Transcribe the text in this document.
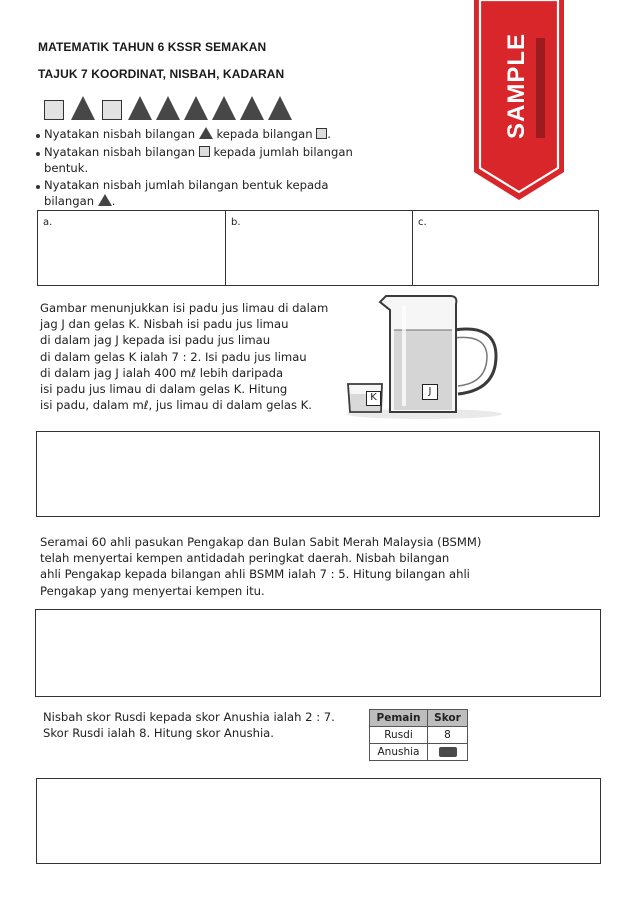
MATEMATIK TAHUN 6 KSSR SEMAKAN
TAJUK 7 KOORDINAT, NISBAH, KADARAN	SAMPLE
Nyatakan nisbah bilangan kepada bilangan .
Nyatakan nisbah bilangan kepada jumlah bilangan
bentuk.
Nyatakan nisbah jumlah bilangan bentuk kepada
bilangan .
a.	b.	c.
Gambar menunjukkan isi padu jus limau di dalam
jag J dan gelas K. Nisbah isi padu jus limau
di dalam jag J kepada isi padu jus limau
di dalam gelas K ialah 7 : 2. Isi padu jus limau
di dalam jag J ialah 400 mℓ lebih daripada
isi padu jus limau di dalam gelas K. Hitung
isi padu, dalam mℓ, jus limau di dalam gelas K.
J
K
Seramai 60 ahli pasukan Pengakap dan Bulan Sabit Merah Malaysia (BSMM)
telah menyertai kempen antidadah peringkat daerah. Nisbah bilangan
ahli Pengakap kepada bilangan ahli BSMM ialah 7 : 5. Hitung bilangan ahli
Pengakap yang menyertai kempen itu.
Nisbah skor Rusdi kepada skor Anushia ialah 2 : 7.
Skor Rusdi ialah 8. Hitung skor Anushia.
Pemain	Skor
Rusdi	8
Anushia	
